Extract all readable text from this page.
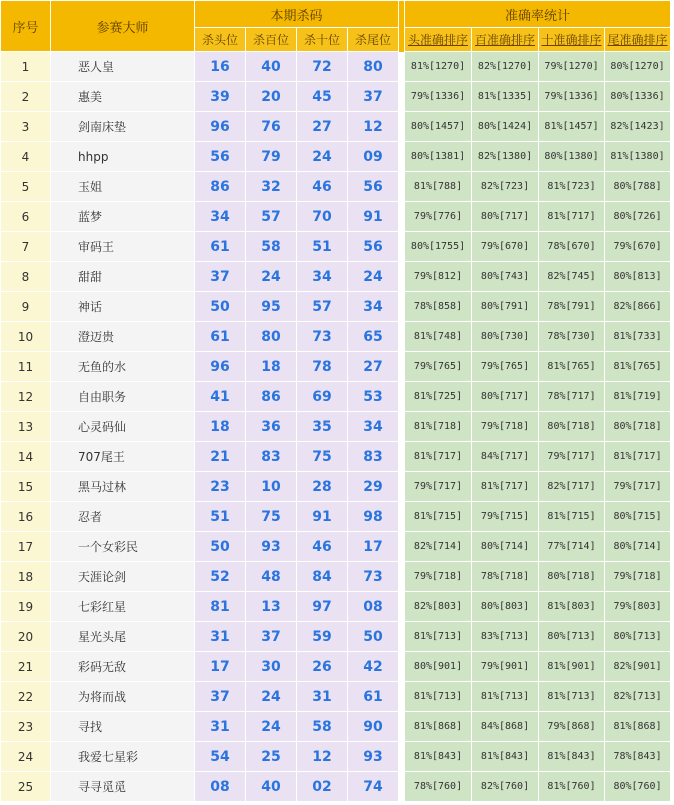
序号	参赛大师	本期杀码					准确率统计			
		杀头位	杀百位	杀十位	杀尾位		头准确排序	百准确排序	十准确排序	尾准确排序
1	恶人皇	16	40	72	80		81%[1270]	82%[1270]	79%[1270]	80%[1270]
2	惠美	39	20	45	37		79%[1336]	81%[1335]	79%[1336]	80%[1336]
3	剑南床垫	96	76	27	12		80%[1457]	80%[1424]	81%[1457]	82%[1423]
4	hhpp	56	79	24	09		80%[1381]	82%[1380]	80%[1380]	81%[1380]
5	玉姐	86	32	46	56		81%[788]	82%[723]	81%[723]	80%[788]
6	蓝梦	34	57	70	91		79%[776]	80%[717]	81%[717]	80%[726]
7	审码王	61	58	51	56		80%[1755]	79%[670]	78%[670]	79%[670]
8	甜甜	37	24	34	24		79%[812]	80%[743]	82%[745]	80%[813]
9	神话	50	95	57	34		78%[858]	80%[791]	78%[791]	82%[866]
10	澄迈贵	61	80	73	65		81%[748]	80%[730]	78%[730]	81%[733]
11	无鱼的水	96	18	78	27		79%[765]	79%[765]	81%[765]	81%[765]
12	自由职务	41	86	69	53		81%[725]	80%[717]	78%[717]	81%[719]
13	心灵码仙	18	36	35	34		81%[718]	79%[718]	80%[718]	80%[718]
14	707尾王	21	83	75	83		81%[717]	84%[717]	79%[717]	81%[717]
15	黑马过林	23	10	28	29		79%[717]	81%[717]	82%[717]	79%[717]
16	忍者	51	75	91	98		81%[715]	79%[715]	81%[715]	80%[715]
17	一个女彩民	50	93	46	17		82%[714]	80%[714]	77%[714]	80%[714]
18	天涯论剑	52	48	84	73		79%[718]	78%[718]	80%[718]	79%[718]
19	七彩红星	81	13	97	08		82%[803]	80%[803]	81%[803]	79%[803]
20	星光头尾	31	37	59	50		81%[713]	83%[713]	80%[713]	80%[713]
21	彩码无敌	17	30	26	42		80%[901]	79%[901]	81%[901]	82%[901]
22	为将而战	37	24	31	61		81%[713]	81%[713]	81%[713]	82%[713]
23	寻找	31	24	58	90		81%[868]	84%[868]	79%[868]	81%[868]
24	我爱七星彩	54	25	12	93		81%[843]	81%[843]	81%[843]	78%[843]
25	寻寻觅觅	08	40	02	74		78%[760]	82%[760]	81%[760]	80%[760]
